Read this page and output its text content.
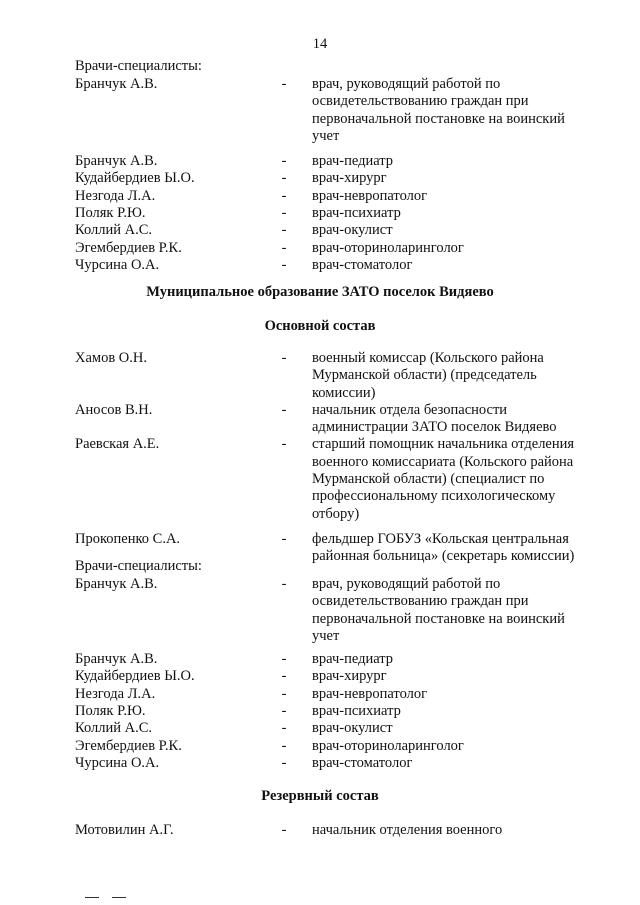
14
Врачи-специалисты:
Бранчук А.В.	- врач, руководящий работой по освидетельствованию граждан при первоначальной постановке на воинский учет
Бранчук А.В.	- врач-педиатр
Кудайбердиев Ы.О.	- врач-хирург
Незгода Л.А.	- врач-невропатолог
Поляк Р.Ю.	- врач-психиатр
Коллий А.С.	- врач-окулист
Эгембердиев Р.К.	- врач-оториноларинголог
Чурсина О.А.	- врач-стоматолог
Муниципальное образование ЗАТО поселок Видяево
Основной состав
Хамов О.Н.	- военный комиссар (Кольского района Мурманской области) (председатель комиссии)
Аносов В.Н.	- начальник отдела безопасности администрации ЗАТО поселок Видяево
Раевская А.Е.	- старший помощник начальника отделения военного комиссариата (Кольского района Мурманской области) (специалист по профессиональному психологическому отбору)
Прокопенко С.А.	- фельдшер ГОБУЗ «Кольская центральная районная больница» (секретарь комиссии)
Врачи-специалисты:
Бранчук А.В.	- врач, руководящий работой по освидетельствованию граждан при первоначальной постановке на воинский учет
Бранчук А.В.	- врач-педиатр
Кудайбердиев Ы.О.	- врач-хирург
Незгода Л.А.	- врач-невропатолог
Поляк Р.Ю.	- врач-психиатр
Коллий А.С.	- врач-окулист
Эгембердиев Р.К.	- врач-оториноларинголог
Чурсина О.А.	- врач-стоматолог
Резервный состав
Мотовилин А.Г.	- начальник отделения военного
